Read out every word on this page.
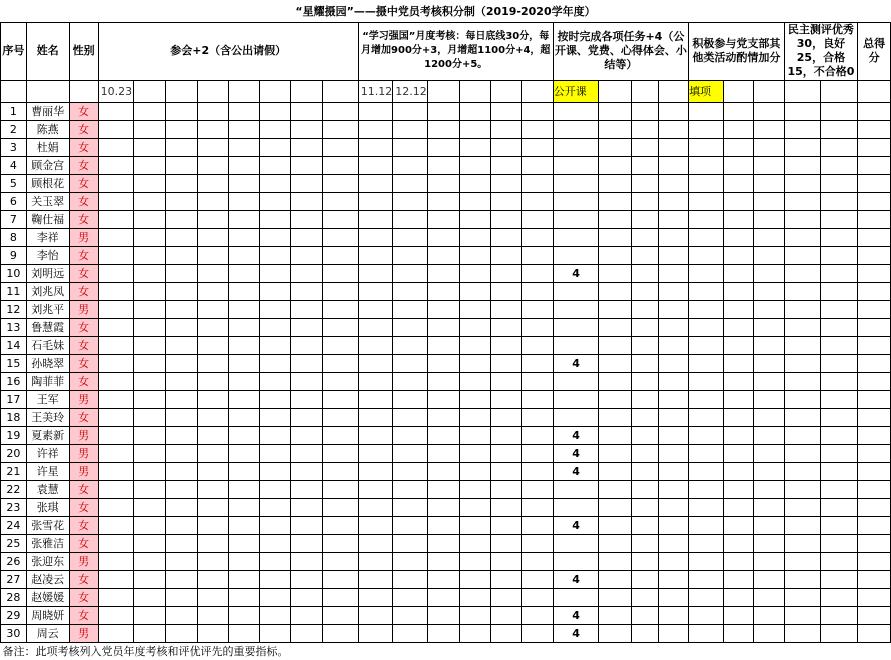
“星耀摄园”——摄中党员考核积分制（2019-2020学年度）																										
序号	姓名	性别	参会+2（含公出请假）								“学习强国”月度考核：每日底线30分，每月增加900分+3，月增超1100分+4，超1200分+5。						按时完成各项任务+4（公开课、党费、心得体会、小结等）				积极参与党支部其他类活动酌情加分			民主测评优秀30，良好25，合格15，不合格0		总得分
			10.23								11.12	12.12					公开课				填项					
1	曹丽华	女																								
2	陈燕	女																								
3	杜娟	女																								
4	顾金宫	女																								
5	顾根花	女																								
6	关玉翠	女																								
7	鞠仕福	女																								
8	李祥	男																								
9	李怡	女																								
10	刘明远	女															4									
11	刘兆凤	女																								
12	刘兆平	男																								
13	鲁慧霞	女																								
14	石毛妹	女																								
15	孙晓翠	女															4									
16	陶菲菲	女																								
17	王军	男																								
18	王美玲	女																								
19	夏素新	男															4									
20	许祥	男															4									
21	许星	男															4									
22	袁慧	女																								
23	张琪	女																								
24	张雪花	女															4									
25	张雅洁	女																								
26	张迎东	男																								
27	赵凌云	女															4									
28	赵媛媛	女																								
29	周晓妍	女															4									
30	周云	男															4									
备注：此项考核列入党员年度考核和评优评先的重要指标。																										
